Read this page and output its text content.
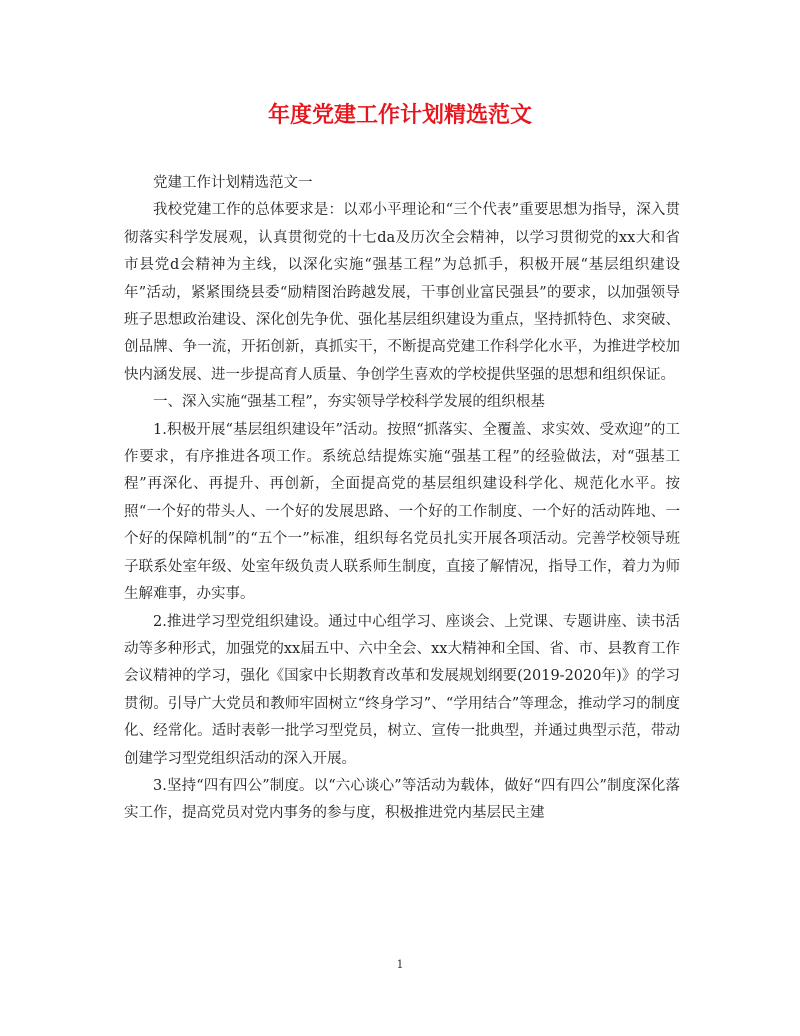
年度党建工作计划精选范文

党建工作计划精选范文一

我校党建工作的总体要求是：以邓小平理论和“三个代表”重要思想为指导，深入贯彻落实科学发展观，认真贯彻党的十七da及历次全会精神，以学习贯彻党的xx大和省市县党d会精神为主线，以深化实施“强基工程”为总抓手，积极开展“基层组织建设年”活动，紧紧围绕县委“励精图治跨越发展，干事创业富民强县”的要求，以加强领导班子思想政治建设、深化创先争优、强化基层组织建设为重点，坚持抓特色、求突破、创品牌、争一流，开拓创新，真抓实干，不断提高党建工作科学化水平，为推进学校加快内涵发展、进一步提高育人质量、争创学生喜欢的学校提供坚强的思想和组织保证。

一、深入实施“强基工程”，夯实领导学校科学发展的组织根基

1.积极开展“基层组织建设年”活动。按照“抓落实、全覆盖、求实效、受欢迎”的工作要求，有序推进各项工作。系统总结提炼实施“强基工程”的经验做法，对“强基工程”再深化、再提升、再创新，全面提高党的基层组织建设科学化、规范化水平。按照“一个好的带头人、一个好的发展思路、一个好的工作制度、一个好的活动阵地、一个好的保障机制”的“五个一”标准，组织每名党员扎实开展各项活动。完善学校领导班子联系处室年级、处室年级负责人联系师生制度，直接了解情况，指导工作，着力为师生解难事，办实事。

2.推进学习型党组织建设。通过中心组学习、座谈会、上党课、专题讲座、读书活动等多种形式，加强党的xx届五中、六中全会、xx大精神和全国、省、市、县教育工作会议精神的学习，强化《国家中长期教育改革和发展规划纲要(2019-2020年)》的学习贯彻。引导广大党员和教师牢固树立“终身学习”、“学用结合”等理念，推动学习的制度化、经常化。适时表彰一批学习型党员，树立、宣传一批典型，并通过典型示范，带动创建学习型党组织活动的深入开展。

3.坚持“四有四公”制度。以“六心谈心”等活动为载体，做好“四有四公”制度深化落实工作，提高党员对党内事务的参与度，积极推进党内基层民主建

1
